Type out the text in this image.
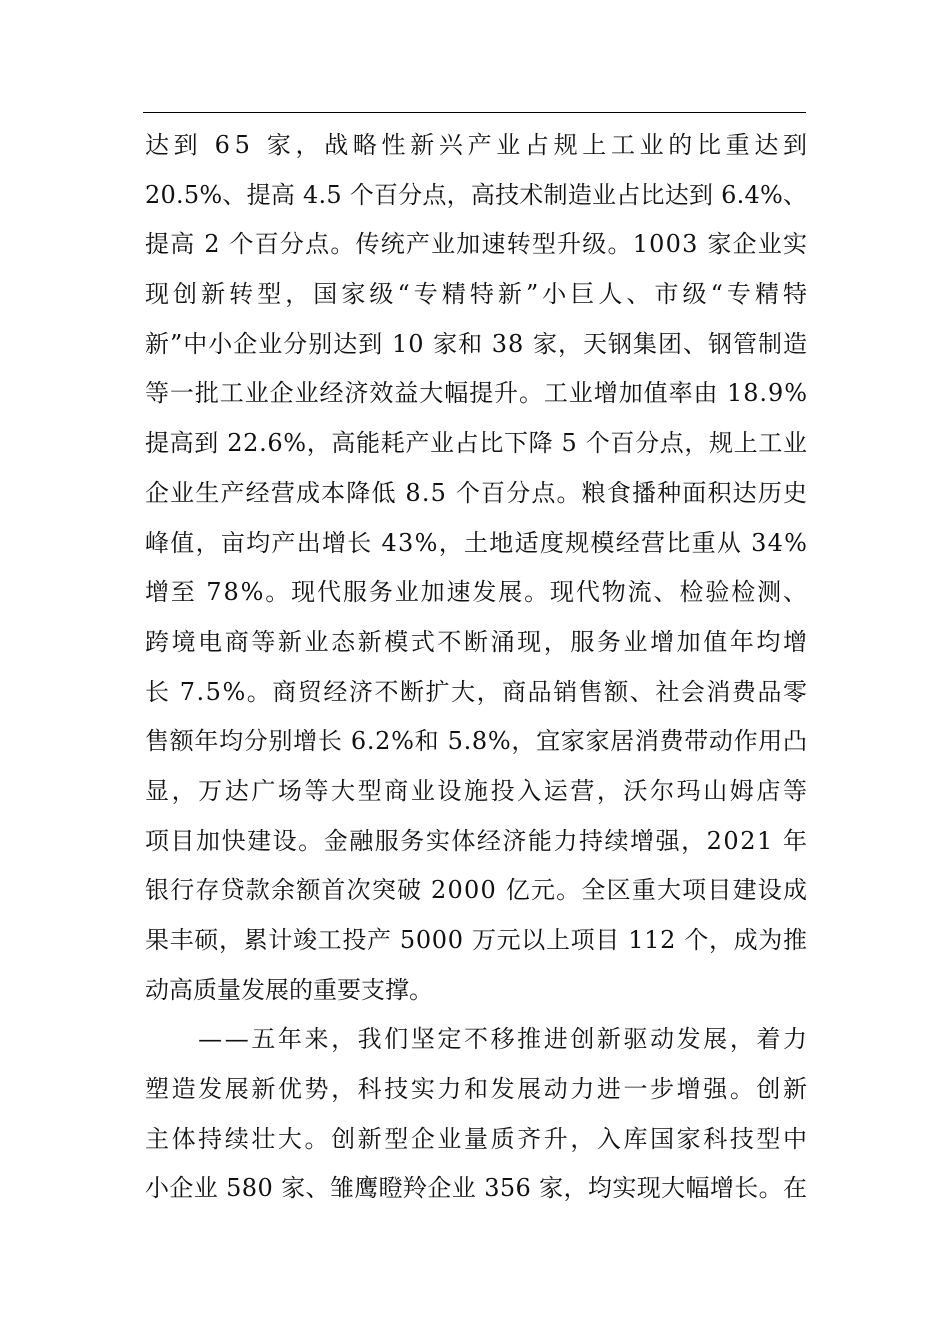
达到 65 家，战略性新兴产业占规上工业的比重达到
20.5%、提高 4.5 个百分点，高技术制造业占比达到 6.4%、
提高 2 个百分点。传统产业加速转型升级。1003 家企业实
现创新转型，国家级“专精特新”小巨人、市级“专精特
新”中小企业分别达到 10 家和 38 家，天钢集团、钢管制造
等一批工业企业经济效益大幅提升。工业增加值率由 18.9%
提高到 22.6%，高能耗产业占比下降 5 个百分点，规上工业
企业生产经营成本降低 8.5 个百分点。粮食播种面积达历史
峰值，亩均产出增长 43%，土地适度规模经营比重从 34%
增至 78%。现代服务业加速发展。现代物流、检验检测、
跨境电商等新业态新模式不断涌现，服务业增加值年均增
长 7.5%。商贸经济不断扩大，商品销售额、社会消费品零
售额年均分别增长 6.2%和 5.8%，宜家家居消费带动作用凸
显，万达广场等大型商业设施投入运营，沃尔玛山姆店等
项目加快建设。金融服务实体经济能力持续增强，2021 年
银行存贷款余额首次突破 2000 亿元。全区重大项目建设成
果丰硕，累计竣工投产 5000 万元以上项目 112 个，成为推
动高质量发展的重要支撑。
　　——五年来，我们坚定不移推进创新驱动发展，着力
塑造发展新优势，科技实力和发展动力进一步增强。创新
主体持续壮大。创新型企业量质齐升，入库国家科技型中
小企业 580 家、雏鹰瞪羚企业 356 家，均实现大幅增长。在
